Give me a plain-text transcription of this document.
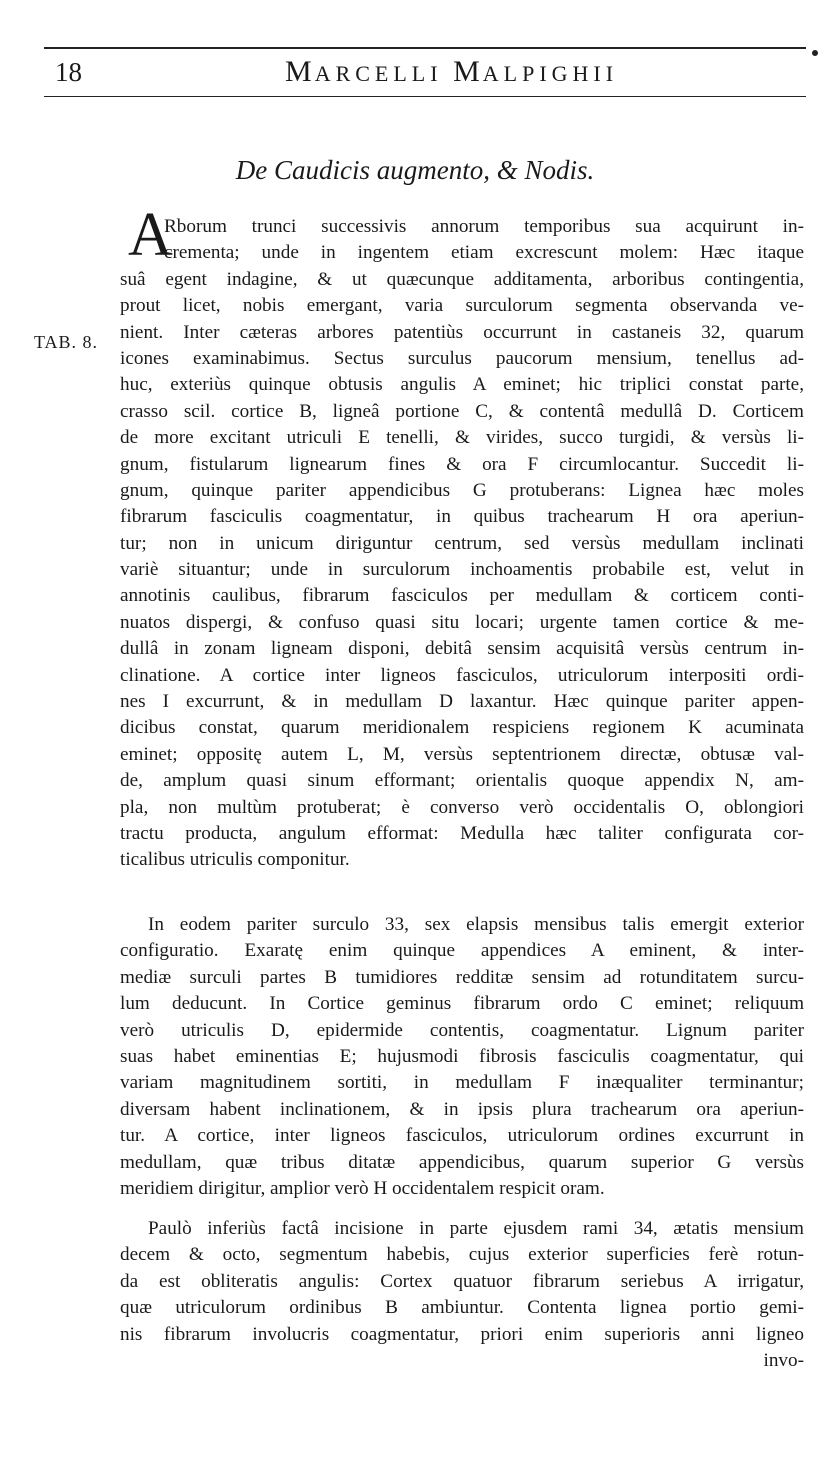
18	MARCELLI MALPIGHII
De Caudicis augmento, & Nodis.
TAB. 8.
A
Rborum trunci successivis annorum temporibus sua acquirunt in-
crementa; unde in ingentem etiam excrescunt molem: Hæc itaque
suâ egent indagine, & ut quæcunque additamenta, arboribus contingentia,
prout licet, nobis emergant, varia surculorum segmenta observanda ve-
nient. Inter cæteras arbores patentiùs occurrunt in castaneis 32, quarum
icones examinabimus. Sectus surculus paucorum mensium, tenellus ad-
huc, exteriùs quinque obtusis angulis A eminet; hic triplici constat parte,
crasso scil. cortice B, ligneâ portione C, & contentâ medullâ D. Corticem
de more excitant utriculi E tenelli, & virides, succo turgidi, & versùs li-
gnum, fistularum lignearum fines & ora F circumlocantur. Succedit li-
gnum, quinque pariter appendicibus G protuberans: Lignea hæc moles
fibrarum fasciculis coagmentatur, in quibus trachearum H ora aperiun-
tur; non in unicum diriguntur centrum, sed versùs medullam inclinati
variè situantur; unde in surculorum inchoamentis probabile est, velut in
annotinis caulibus, fibrarum fasciculos per medullam & corticem conti-
nuatos dispergi, & confuso quasi situ locari; urgente tamen cortice & me-
dullâ in zonam ligneam disponi, debitâ sensim acquisitâ versùs centrum in-
clinatione. A cortice inter ligneos fasciculos, utriculorum interpositi ordi-
nes I excurrunt, & in medullam D laxantur. Hæc quinque pariter appen-
dicibus constat, quarum meridionalem respiciens regionem K acuminata
eminet; oppositę autem L, M, versùs septentrionem directæ, obtusæ val-
de, amplum quasi sinum efformant; orientalis quoque appendix N, am-
pla, non multùm protuberat; è converso verò occidentalis O, oblongiori
tractu producta, angulum efformat: Medulla hæc taliter configurata cor-
ticalibus utriculis componitur.
In eodem pariter surculo 33, sex elapsis mensibus talis emergit exterior
configuratio. Exaratę enim quinque appendices A eminent, & inter-
mediæ surculi partes B tumidiores redditæ sensim ad rotunditatem surcu-
lum deducunt. In Cortice geminus fibrarum ordo C eminet; reliquum
verò utriculis D, epidermide contentis, coagmentatur. Lignum pariter
suas habet eminentias E; hujusmodi fibrosis fasciculis coagmentatur, qui
variam magnitudinem sortiti, in medullam F inæqualiter terminantur;
diversam habent inclinationem, & in ipsis plura trachearum ora aperiun-
tur. A cortice, inter ligneos fasciculos, utriculorum ordines excurrunt in
medullam, quæ tribus ditatæ appendicibus, quarum superior G versùs
meridiem dirigitur, amplior verò H occidentalem respicit oram.
Paulò inferiùs factâ incisione in parte ejusdem rami 34, ætatis mensium
decem & octo, segmentum habebis, cujus exterior superficies ferè rotun-
da est obliteratis angulis: Cortex quatuor fibrarum seriebus A irrigatur,
quæ utriculorum ordinibus B ambiuntur. Contenta lignea portio gemi-
nis fibrarum involucris coagmentatur, priori enim superioris anni ligneo
invo-
